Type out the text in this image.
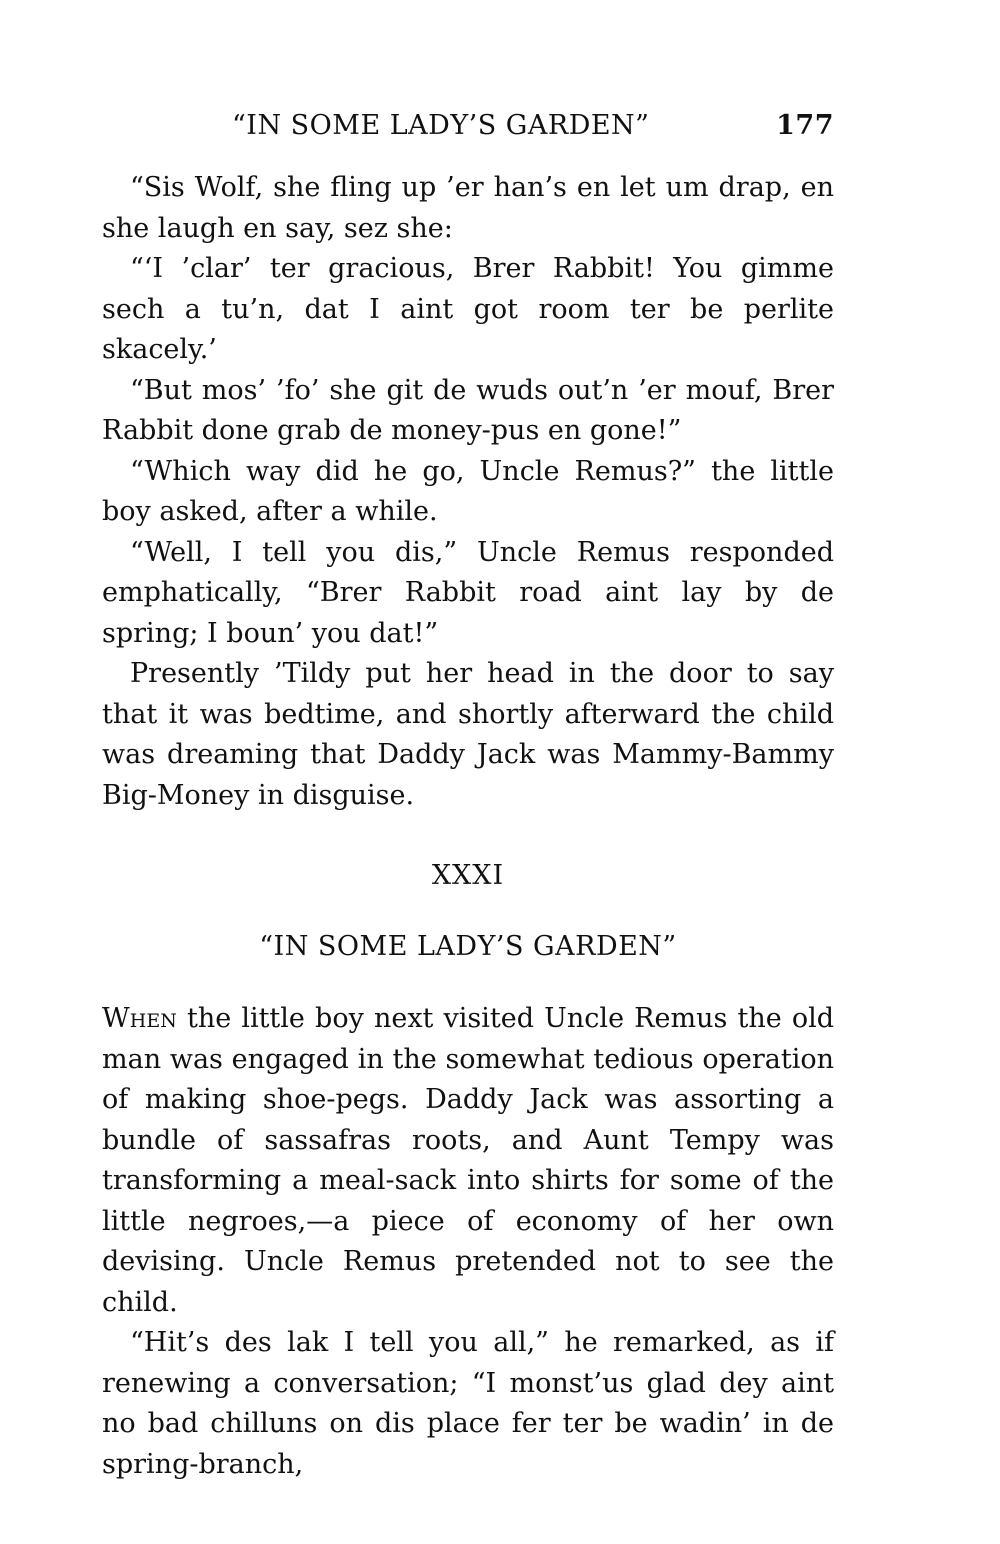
“IN SOME LADY’S GARDEN”	177

“Sis Wolf, she fling up ’er han’s en let um drap, en she laugh en say, sez she:

“‘I ’clar’ ter gracious, Brer Rabbit! You gimme sech a tu’n, dat I aint got room ter be perlite skacely.’

“But mos’ ’fo’ she git de wuds out’n ’er mouf, Brer Rabbit done grab de money-pus en gone!”

“Which way did he go, Uncle Remus?” the little boy asked, after a while.

“Well, I tell you dis,” Uncle Remus responded emphatically, “Brer Rabbit road aint lay by de spring; I boun’ you dat!”

Presently ’Tildy put her head in the door to say that it was bedtime, and shortly afterward the child was dreaming that Daddy Jack was Mammy-Bammy Big-Money in disguise.

XXXI
“IN SOME LADY’S GARDEN”

When the little boy next visited Uncle Remus the old man was engaged in the somewhat tedious operation of making shoe-pegs. Daddy Jack was assorting a bundle of sassafras roots, and Aunt Tempy was transforming a meal-sack into shirts for some of the little negroes,—a piece of economy of her own devising. Uncle Remus pretended not to see the child.

“Hit’s des lak I tell you all,” he remarked, as if renewing a conversation; “I monst’us glad dey aint no bad chilluns on dis place fer ter be wadin’ in de spring-branch,
